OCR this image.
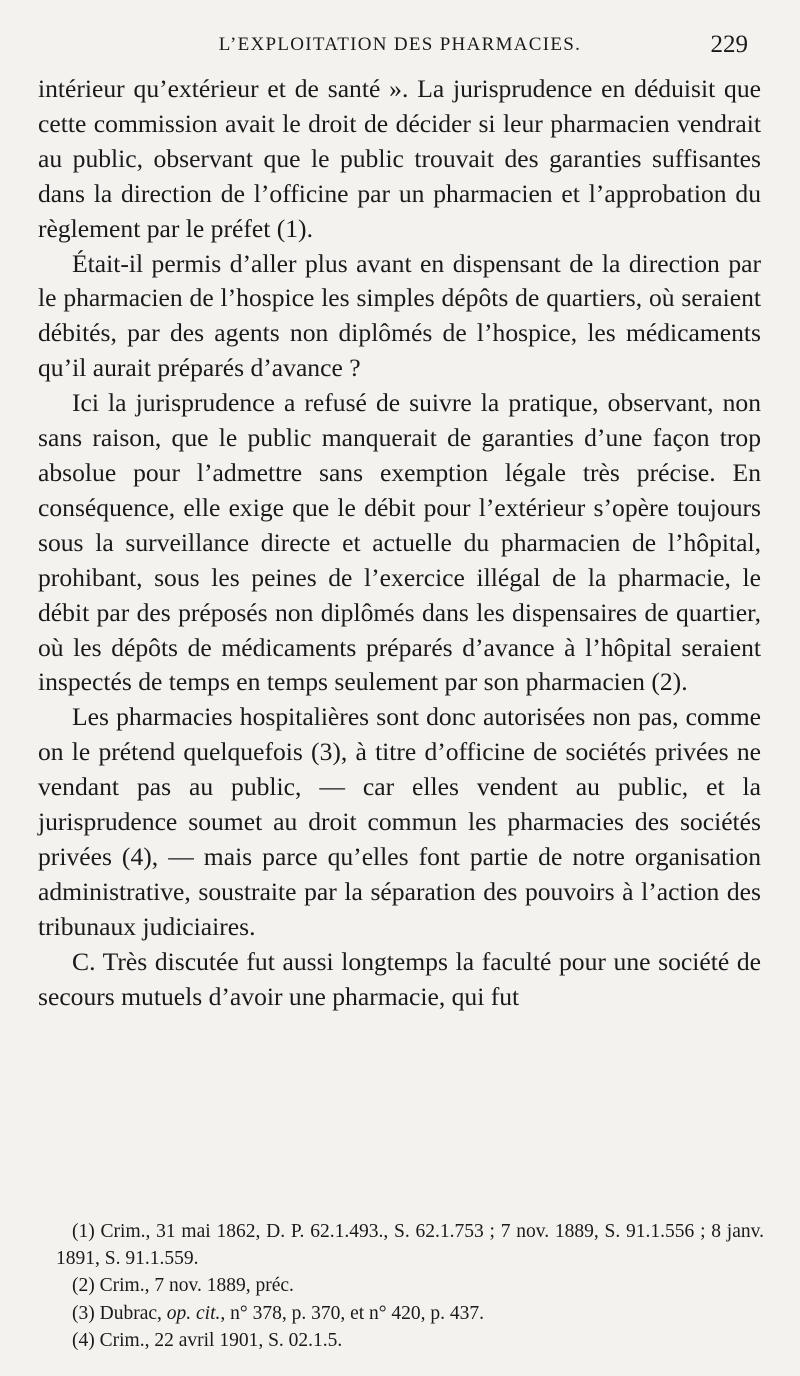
L’EXPLOITATION DES PHARMACIES.	229

intérieur qu’extérieur et de santé ». La jurisprudence en déduisit que cette commission avait le droit de décider si leur pharmacien vendrait au public, observant que le public trouvait des garanties suffisantes dans la direction de l’officine par un pharmacien et l’approbation du règlement par le préfet (1).

Était-il permis d’aller plus avant en dispensant de la direction par le pharmacien de l’hospice les simples dépôts de quartiers, où seraient débités, par des agents non diplômés de l’hospice, les médicaments qu’il aurait préparés d’avance ?

Ici la jurisprudence a refusé de suivre la pratique, observant, non sans raison, que le public manquerait de garanties d’une façon trop absolue pour l’admettre sans exemption légale très précise. En conséquence, elle exige que le débit pour l’extérieur s’opère toujours sous la surveillance directe et actuelle du pharmacien de l’hôpital, prohibant, sous les peines de l’exercice illégal de la pharmacie, le débit par des préposés non diplômés dans les dispensaires de quartier, où les dépôts de médicaments préparés d’avance à l’hôpital seraient inspectés de temps en temps seulement par son pharmacien (2).

Les pharmacies hospitalières sont donc autorisées non pas, comme on le prétend quelquefois (3), à titre d’officine de sociétés privées ne vendant pas au public, — car elles vendent au public, et la jurisprudence soumet au droit commun les pharmacies des sociétés privées (4), — mais parce qu’elles font partie de notre organisation administrative, soustraite par la séparation des pouvoirs à l’action des tribunaux judiciaires.

C. Très discutée fut aussi longtemps la faculté pour une société de secours mutuels d’avoir une pharmacie, qui fut

(1) Crim., 31 mai 1862, D. P. 62.1.493., S. 62.1.753 ; 7 nov. 1889, S. 91.1.556 ; 8 janv. 1891, S. 91.1.559.
(2) Crim., 7 nov. 1889, préc.
(3) Dubrac, op. cit., n° 378, p. 370, et n° 420, p. 437.
(4) Crim., 22 avril 1901, S. 02.1.5.
